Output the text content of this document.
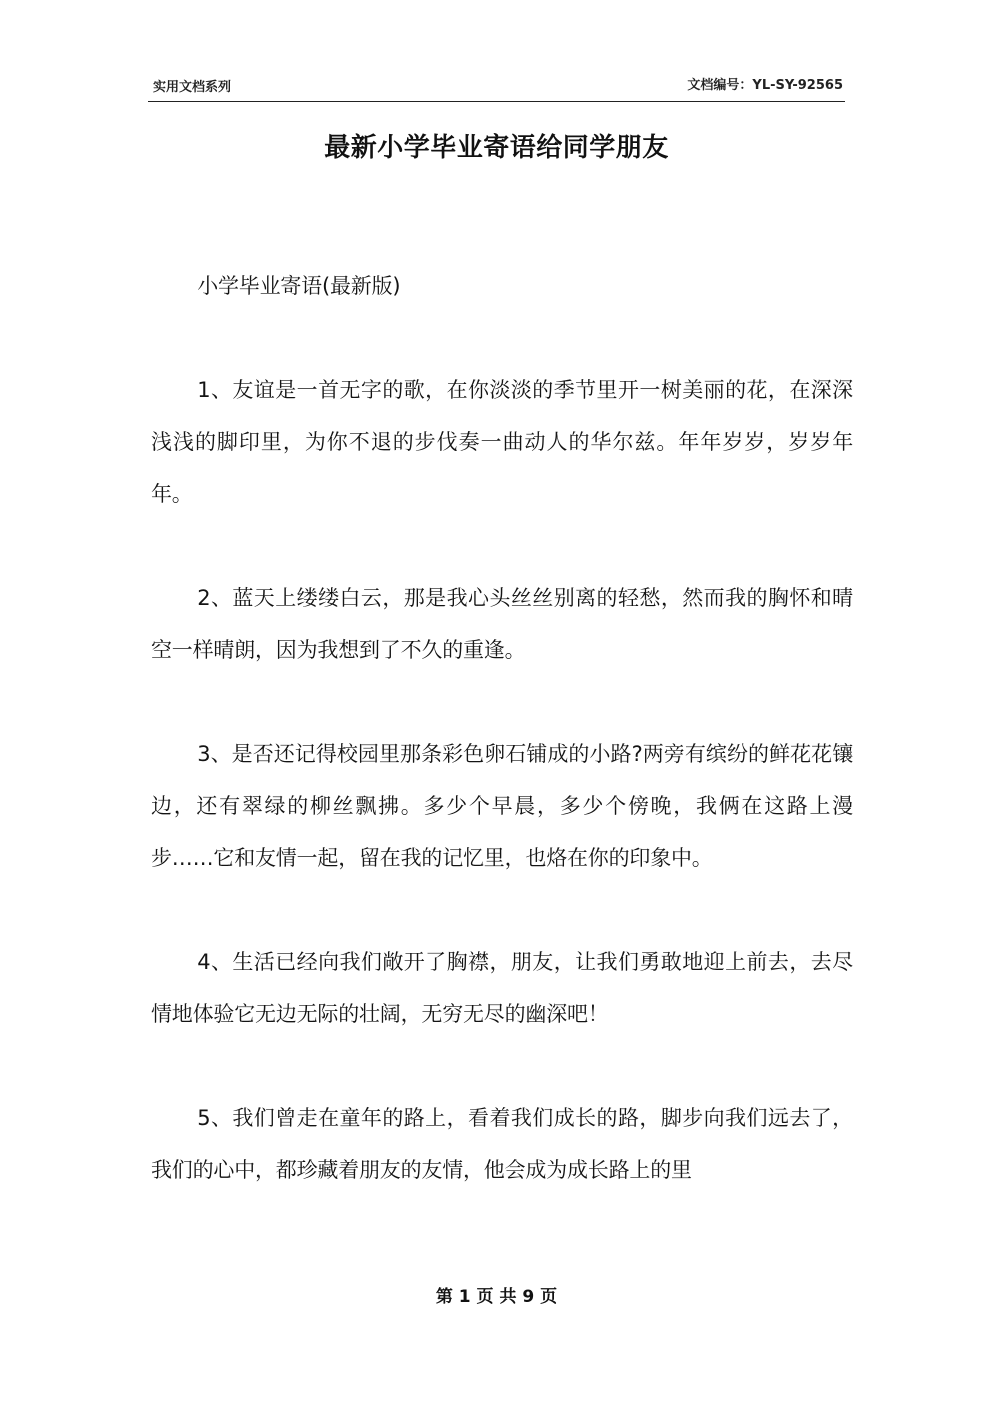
实用文档系列	文档编号：YL-SY-92565
最新小学毕业寄语给同学朋友

小学毕业寄语(最新版)

1、友谊是一首无字的歌，在你淡淡的季节里开一树美丽的花，在深深浅浅的脚印里，为你不退的步伐奏一曲动人的华尔兹。年年岁岁，岁岁年年。

2、蓝天上缕缕白云，那是我心头丝丝别离的轻愁，然而我的胸怀和晴空一样晴朗，因为我想到了不久的重逢。

3、是否还记得校园里那条彩色卵石铺成的小路?两旁有缤纷的鲜花花镶边，还有翠绿的柳丝飘拂。多少个早晨，多少个傍晚，我俩在这路上漫步……它和友情一起，留在我的记忆里，也烙在你的印象中。

4、生活已经向我们敞开了胸襟，朋友，让我们勇敢地迎上前去，去尽情地体验它无边无际的壮阔，无穷无尽的幽深吧！

5、我们曾走在童年的路上，看着我们成长的路，脚步向我们远去了，我们的心中，都珍藏着朋友的友情，他会成为成长路上的里

第 1 页 共 9 页
